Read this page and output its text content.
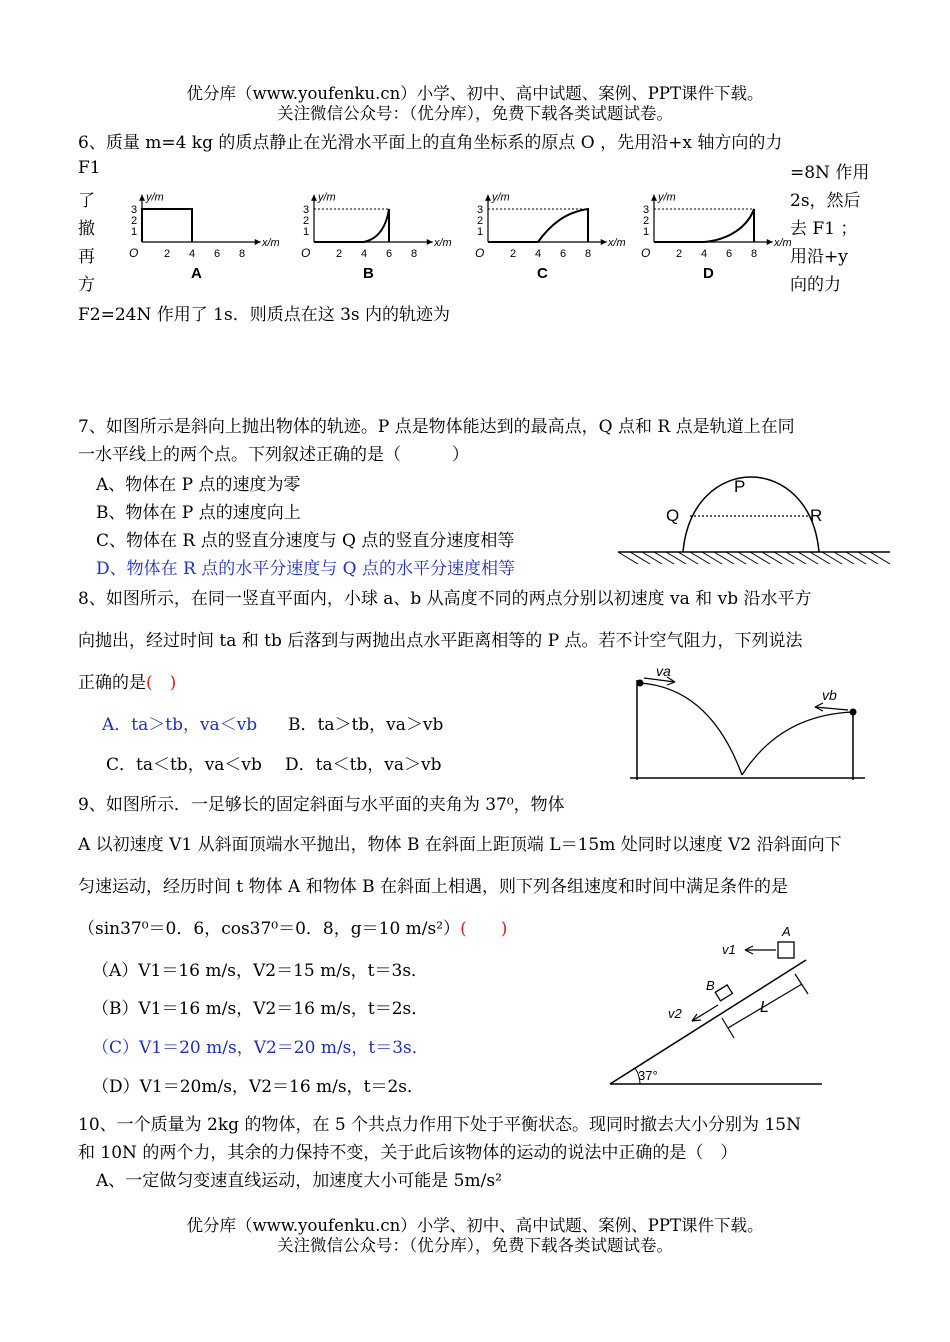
优分库（www.youfenku.cn）小学、初中、高中试题、案例、PPT课件下载。
关注微信公众号：（优分库），免费下载各类试题试卷。
6、质量 m=4 kg 的质点静止在光滑水平面上的直角坐标系的原点 O ，先用沿+x 轴方向的力
F1
了
撤
再
方
=8N 作用
2s，然后
去 F1 ；
用沿+y
向的力
F2=24N 作用了 1s．则质点在这 3s 内的轨迹为
1
2
3
2 4 6 8
O
y/m
x/m
A
1
2
3
2 4 6 8
O
y/m
x/m
B
1
2
3
2 4 6 8
O
y/m
x/m
C
1
2
3
2 4 6 8
O
y/m
x/m
D
7、如图所示是斜向上抛出物体的轨迹。P 点是物体能达到的最高点，Q 点和 R 点是轨道上在同
一水平线上的两个点。下列叙述正确的是（　　　）
A、物体在 P 点的速度为零
B、物体在 P 点的速度向上
C、物体在 R 点的竖直分速度与 Q 点的竖直分速度相等
D、物体在 R 点的水平分速度与 Q 点的水平分速度相等
P
Q	R
8、如图所示，在同一竖直平面内，小球 a、b 从高度不同的两点分别以初速度 va 和 vb 沿水平方
向抛出，经过时间 ta 和 tb 后落到与两抛出点水平距离相等的 P 点。若不计空气阻力，下列说法
正确的是(　)
A．ta＞tb，va＜vb B．ta＞tb，va＞vb
C．ta＜tb，va＜vb D．ta＜tb，va＞vb
va
vb
9、如图所示．一足够长的固定斜面与水平面的夹角为 37⁰，物体
A 以初速度 V1 从斜面顶端水平抛出，物体 B 在斜面上距顶端 L＝15m 处同时以速度 V2 沿斜面向下
匀速运动，经历时间 t 物体 A 和物体 B 在斜面上相遇，则下列各组速度和时间中满足条件的是
（sin37⁰＝0．6，cos37⁰＝0．8，g＝10 m/s²）(　　)
（A）V1＝16 m/s，V2＝15 m/s，t＝3s．
（B）V1＝16 m/s，V2＝16 m/s，t＝2s．
（C）V1＝20 m/s，V2＝20 m/s，t＝3s．
（D）V1＝20m/s，V2＝16 m/s，t＝2s．
A
B
v1
v2	L
37°
10、一个质量为 2kg 的物体，在 5 个共点力作用下处于平衡状态。现同时撤去大小分别为 15N
和 10N 的两个力，其余的力保持不变，关于此后该物体的运动的说法中正确的是（　）
A、一定做匀变速直线运动，加速度大小可能是 5m/s²
优分库（www.youfenku.cn）小学、初中、高中试题、案例、PPT课件下载。
关注微信公众号：（优分库），免费下载各类试题试卷。
